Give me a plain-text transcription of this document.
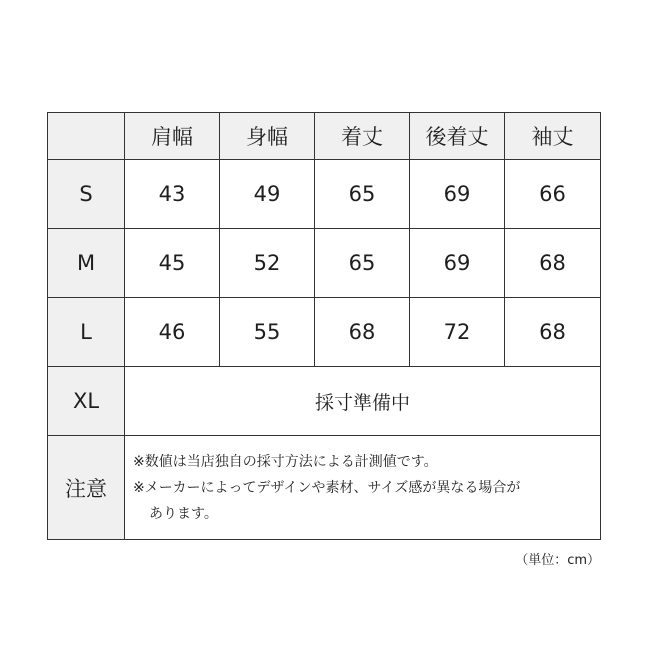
	肩幅	身幅	着丈	後着丈	袖丈
S	43	49	65	69	66
M	45	52	65	69	68
L	46	55	68	72	68
XL	採寸準備中				
注意	※数値は当店独自の採寸方法による計測値です。
※メーカーによってデザインや素材、サイズ感が異なる場合が
あります。				
（単位：cm）
